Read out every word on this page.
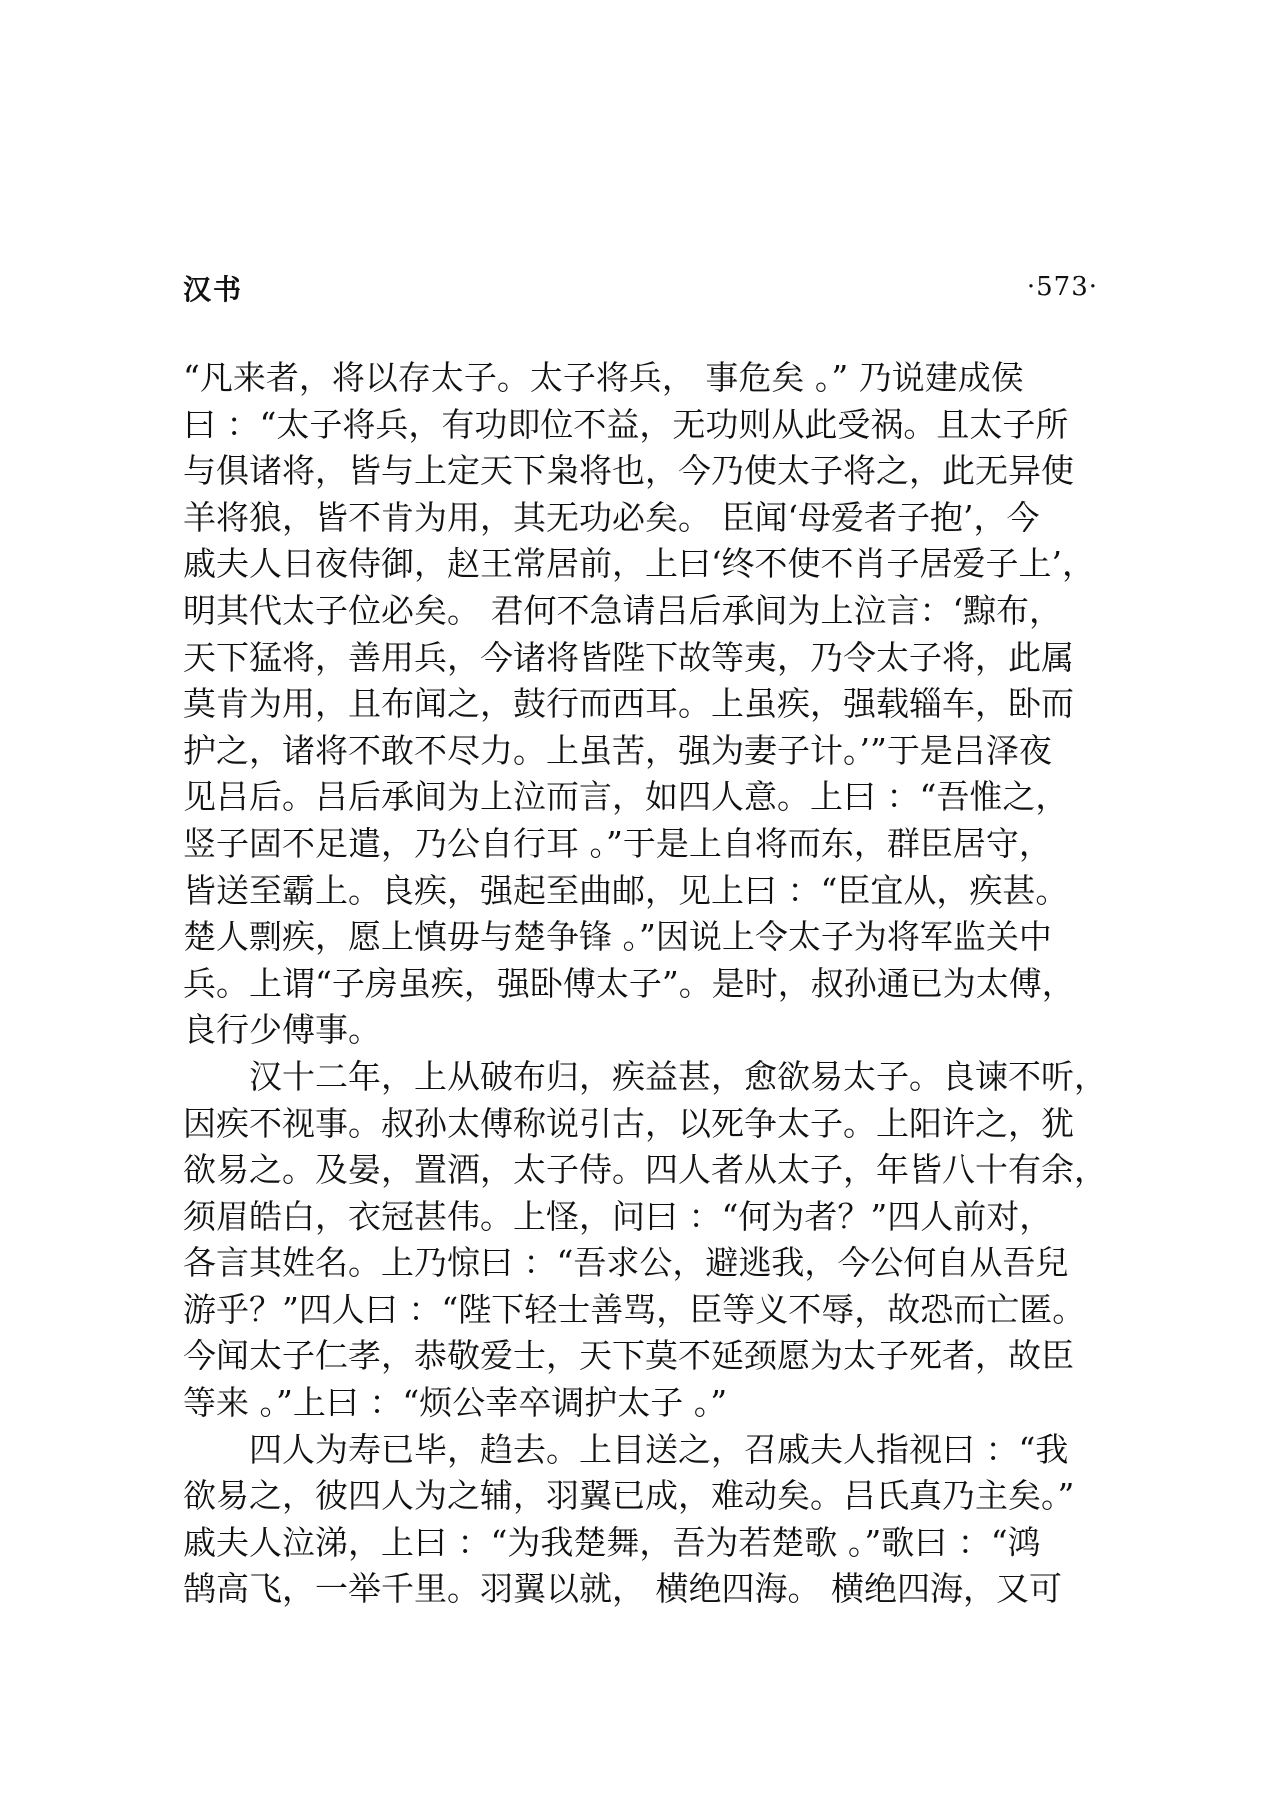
汉书	·573·
“凡来者，将以存太子。太子将兵， 事危矣 。” 乃说建成侯
曰 ：“太子将兵，有功即位不益，无功则从此受祸。且太子所
与俱诸将，皆与上定天下枭将也，今乃使太子将之，此无异使
羊将狼，皆不肯为用，其无功必矣。 臣闻‘母爱者子抱’，今
戚夫人日夜侍御，赵王常居前，上曰‘终不使不肖子居爱子上’，
明其代太子位必矣。 君何不急请吕后承间为上泣言：‘黥布，
天下猛将，善用兵，今诸将皆陛下故等夷，乃令太子将，此属
莫肯为用，且布闻之，鼓行而西耳。上虽疾，强载辎车，卧而
护之，诸将不敢不尽力。上虽苦，强为妻子计。’”于是吕泽夜
见吕后。吕后承间为上泣而言，如四人意。上曰 ：“吾惟之，
竖子固不足遣，乃公自行耳 。”于是上自将而东，群臣居守，
皆送至霸上。良疾，强起至曲邮，见上曰 ：“臣宜从，疾甚。
楚人剽疾，愿上慎毋与楚争锋 。”因说上令太子为将军监关中
兵。上谓“子房虽疾，强卧傅太子”。是时，叔孙通已为太傅，
良行少傅事。
汉十二年，上从破布归，疾益甚，愈欲易太子。良谏不听，
因疾不视事。叔孙太傅称说引古，以死争太子。上阳许之，犹
欲易之。及晏，置酒，太子侍。四人者从太子，年皆八十有余，
须眉皓白，衣冠甚伟。上怪，问曰 ：“何为者？”四人前对，
各言其姓名。上乃惊曰 ：“吾求公，避逃我，今公何自从吾兒
游乎？”四人曰 ：“陛下轻士善骂，臣等义不辱，故恐而亡匿。
今闻太子仁孝，恭敬爱士，天下莫不延颈愿为太子死者，故臣
等来 。”上曰 ：“烦公幸卒调护太子 。”
四人为寿已毕，趋去。上目送之，召戚夫人指视曰 ：“我
欲易之，彼四人为之辅，羽翼已成，难动矣。吕氏真乃主矣。”
戚夫人泣涕，上曰 ：“为我楚舞，吾为若楚歌 。”歌曰 ：“鸿
鹄高飞，一举千里。羽翼以就， 横绝四海。 横绝四海，又可
